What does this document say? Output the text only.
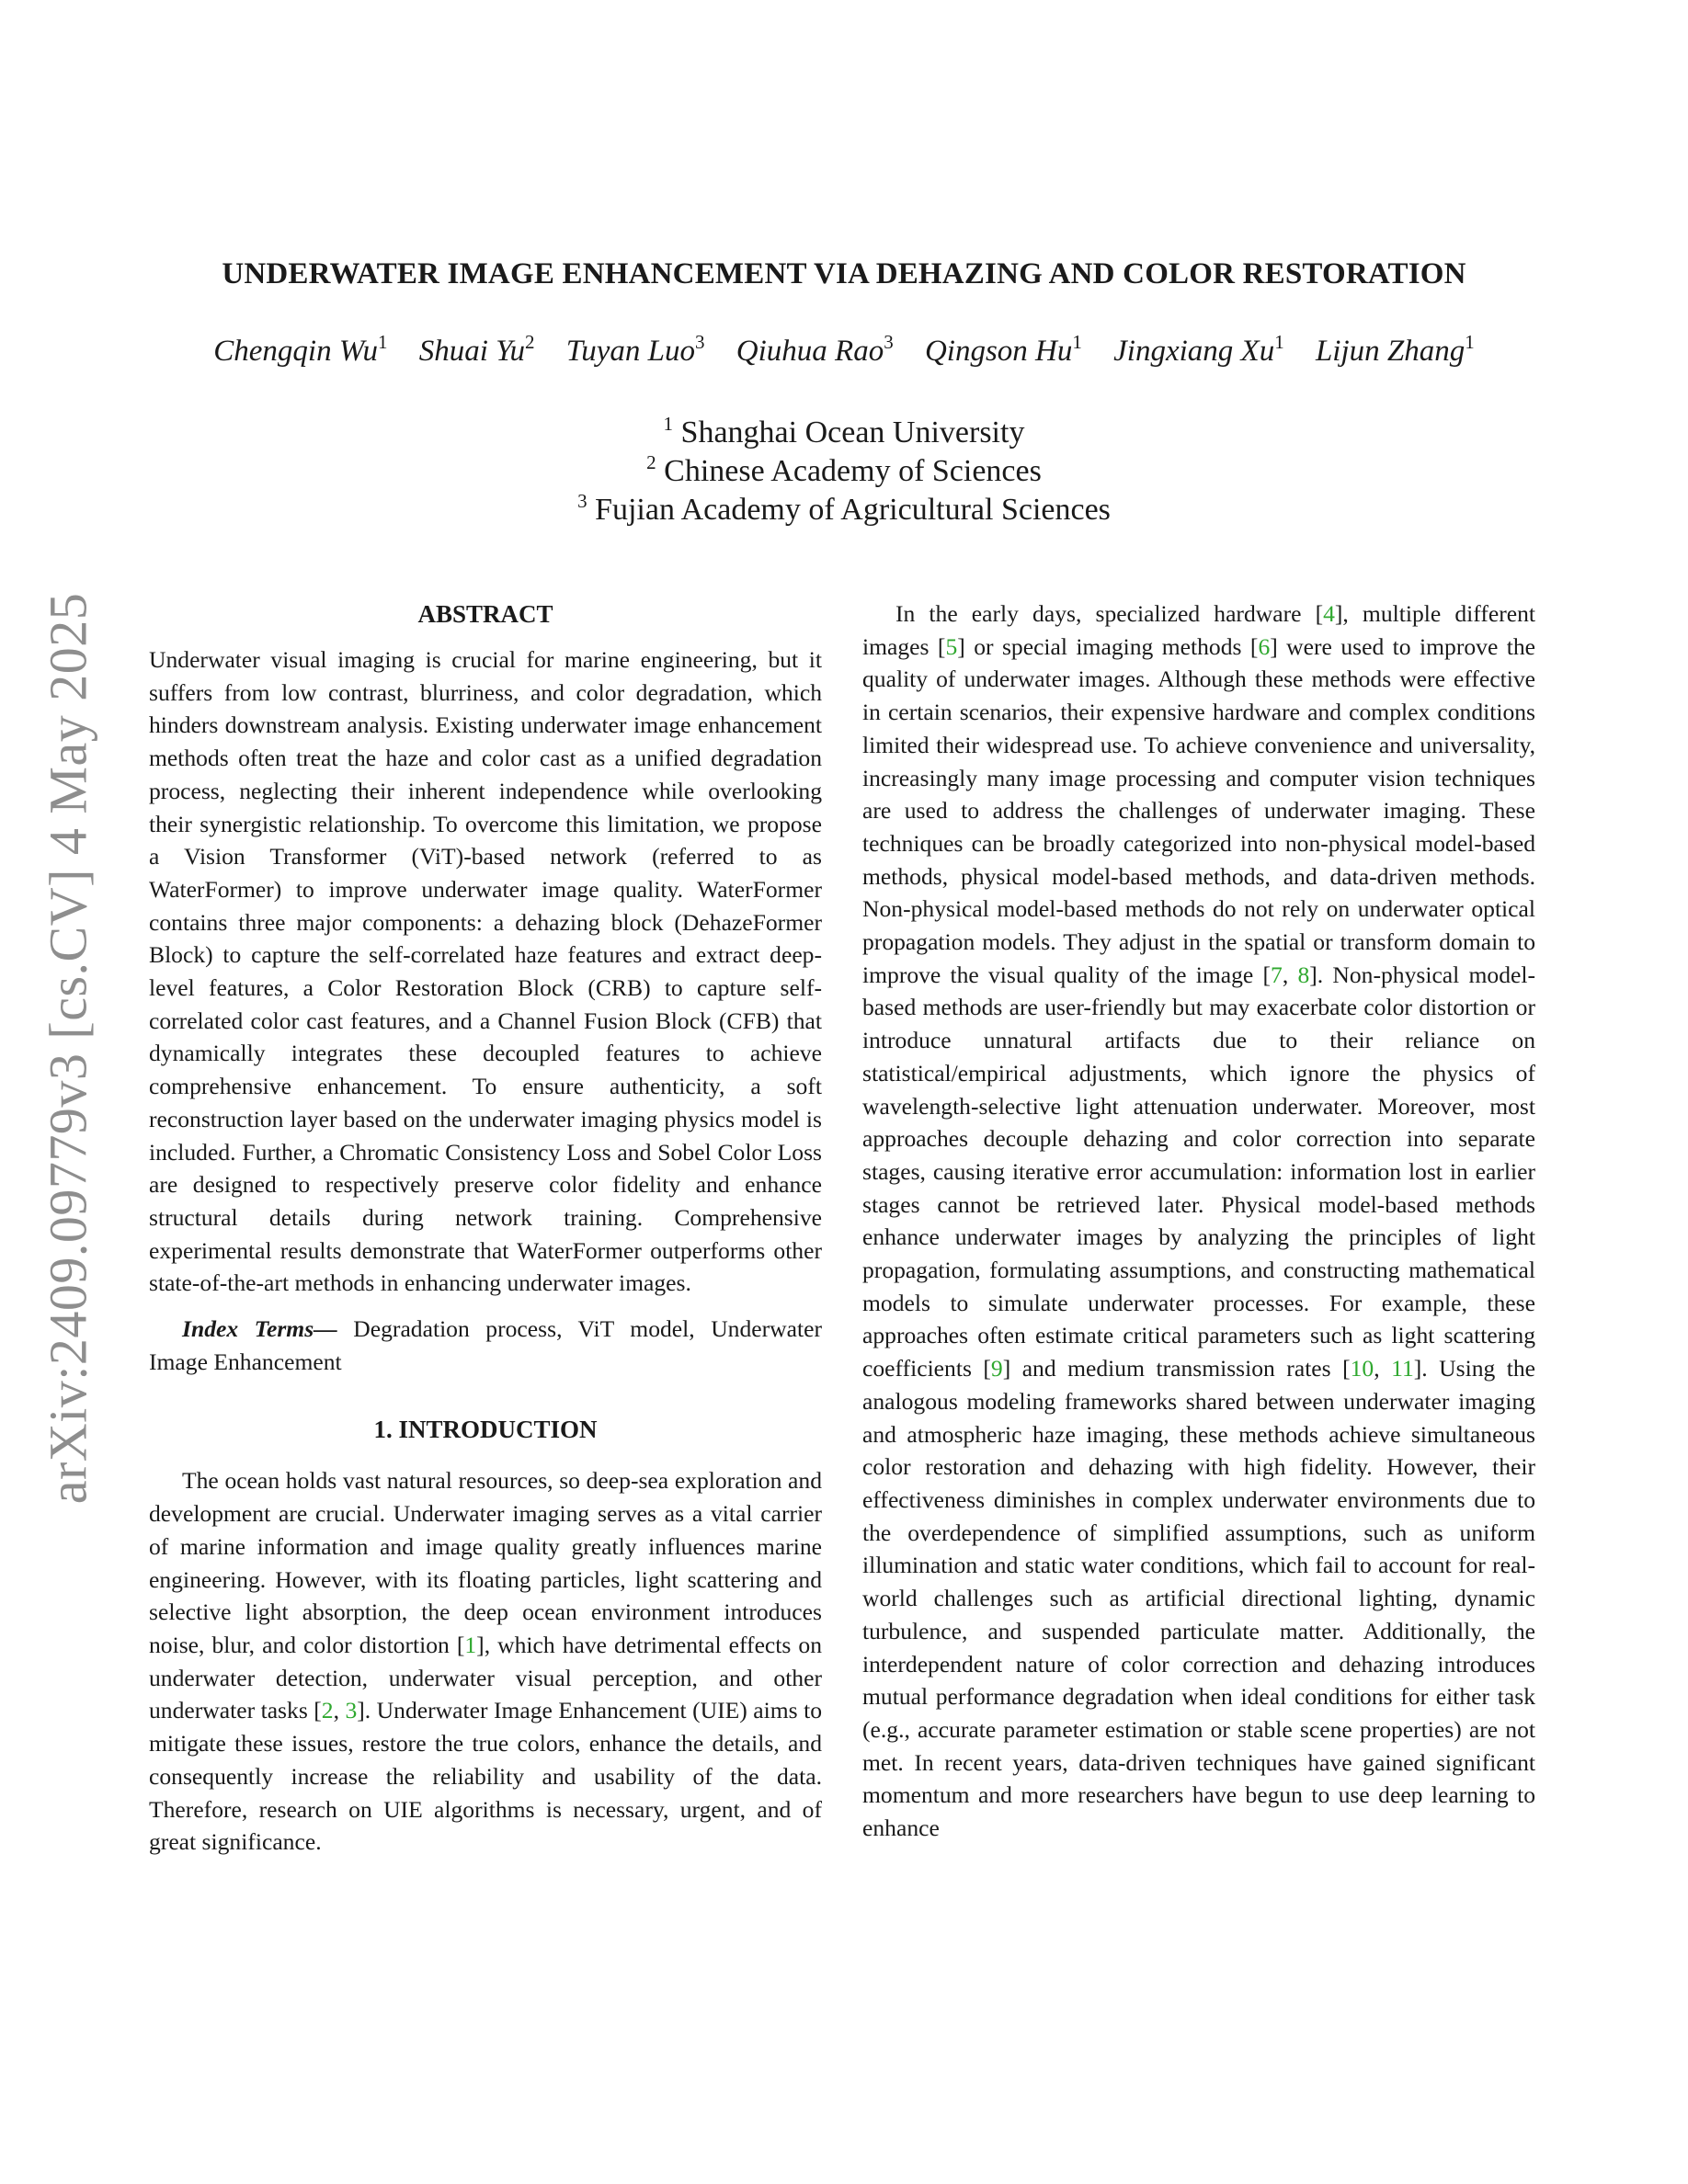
arXiv:2409.09779v3 [cs.CV] 4 May 2025
UNDERWATER IMAGE ENHANCEMENT VIA DEHAZING AND COLOR RESTORATION
Chengqin Wu$^1$ Shuai Yu$^2$ Tuyan Luo$^3$ Qiuhua Rao$^3$ Qingson Hu$^1$ Jingxiang Xu$^1$ Lijun Zhang$^1$
$^1$ Shanghai Ocean University
$^2$ Chinese Academy of Sciences
$^3$ Fujian Academy of Agricultural Sciences
ABSTRACT

Underwater visual imaging is crucial for marine engineering, but it suffers from low contrast, blurriness, and color degradation, which hinders downstream analysis. Existing underwater image enhancement methods often treat the haze and color cast as a unified degradation process, neglecting their inherent independence while overlooking their synergistic relationship. To overcome this limitation, we propose a Vision Transformer (ViT)-based network (referred to as WaterFormer) to improve underwater image quality. WaterFormer contains three major components: a dehazing block (DehazeFormer Block) to capture the self-correlated haze features and extract deep-level features, a Color Restoration Block (CRB) to capture self-correlated color cast features, and a Channel Fusion Block (CFB) that dynamically integrates these decoupled features to achieve comprehensive enhancement. To ensure authenticity, a soft reconstruction layer based on the underwater imaging physics model is included. Further, a Chromatic Consistency Loss and Sobel Color Loss are designed to respectively preserve color fidelity and enhance structural details during network training. Comprehensive experimental results demonstrate that WaterFormer outperforms other state-of-the-art methods in enhancing underwater images.

Index Terms— Degradation process, ViT model, Underwater Image Enhancement

1. INTRODUCTION

The ocean holds vast natural resources, so deep-sea exploration and development are crucial. Underwater imaging serves as a vital carrier of marine information and image quality greatly influences marine engineering. However, with its floating particles, light scattering and selective light absorption, the deep ocean environment introduces noise, blur, and color distortion [1], which have detrimental effects on underwater detection, underwater visual perception, and other underwater tasks [2, 3]. Underwater Image Enhancement (UIE) aims to mitigate these issues, restore the true colors, enhance the details, and consequently increase the reliability and usability of the data. Therefore, research on UIE algorithms is necessary, urgent, and of great significance.

In the early days, specialized hardware [4], multiple different images [5] or special imaging methods [6] were used to improve the quality of underwater images. Although these methods were effective in certain scenarios, their expensive hardware and complex conditions limited their widespread use. To achieve convenience and universality, increasingly many image processing and computer vision techniques are used to address the challenges of underwater imaging. These techniques can be broadly categorized into non-physical model-based methods, physical model-based methods, and data-driven methods. Non-physical model-based methods do not rely on underwater optical propagation models. They adjust in the spatial or transform domain to improve the visual quality of the image [7, 8]. Non-physical model-based methods are user-friendly but may exacerbate color distortion or introduce unnatural artifacts due to their reliance on statistical/empirical adjustments, which ignore the physics of wavelength-selective light attenuation underwater. Moreover, most approaches decouple dehazing and color correction into separate stages, causing iterative error accumulation: information lost in earlier stages cannot be retrieved later. Physical model-based methods enhance underwater images by analyzing the principles of light propagation, formulating assumptions, and constructing mathematical models to simulate underwater processes. For example, these approaches often estimate critical parameters such as light scattering coefficients [9] and medium transmission rates [10, 11]. Using the analogous modeling frameworks shared between underwater imaging and atmospheric haze imaging, these methods achieve simultaneous color restoration and dehazing with high fidelity. However, their effectiveness diminishes in complex underwater environments due to the overdependence of simplified assumptions, such as uniform illumination and static water conditions, which fail to account for real-world challenges such as artificial directional lighting, dynamic turbulence, and suspended particulate matter. Additionally, the interdependent nature of color correction and dehazing introduces mutual performance degradation when ideal conditions for either task (e.g., accurate parameter estimation or stable scene properties) are not met. In recent years, data-driven techniques have gained significant momentum and more researchers have begun to use deep learning to enhance
